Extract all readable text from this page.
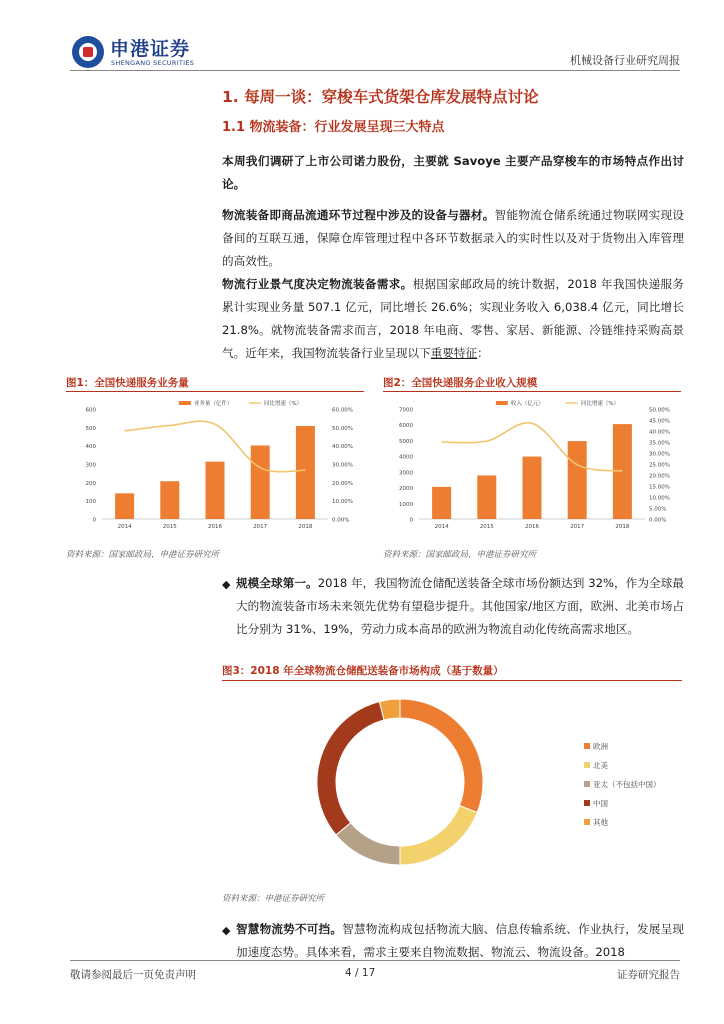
申港证券
SHENGANG SECURITIES	机械设备行业研究周报
1. 每周一谈：穿梭车式货架仓库发展特点讨论
1.1 物流装备：行业发展呈现三大特点
本周我们调研了上市公司诺力股份，主要就 Savoye 主要产品穿梭车的市场特点作出讨论。
物流装备即商品流通环节过程中涉及的设备与器材。智能物流仓储系统通过物联网实现设备间的互联互通，保障仓库管理过程中各环节数据录入的实时性以及对于货物出入库管理的高效性。
物流行业景气度决定物流装备需求。根据国家邮政局的统计数据，2018 年我国快递服务累计实现业务量 507.1 亿元，同比增长 26.6%；实现业务收入 6,038.4 亿元，同比增长 21.8%。就物流装备需求而言，2018 年电商、零售、家居、新能源、冷链维持采购高景气。近年来，我国物流装备行业呈现以下重要特征：
图1：全国快递服务业务量
0
100
200
300
400
500
600
0.00%
10.00%
20.00%
30.00%
40.00%
50.00%
60.00%
2014	2015	2016	2017	2018
业务量（亿件）	同比增速（%）
资料来源：国家邮政局，申港证券研究所
图2：全国快递服务企业收入规模
0
1000
2000
3000
4000
5000
6000
7000
0.00%
5.00%
10.00%
15.00%
20.00%
25.00%
30.00%
35.00%
40.00%
45.00%
50.00%
2014	2015	2016	2017	2018
收入（亿元）	同比增速（%）
资料来源：国家邮政局，申港证券研究所
◆ 规模全球第一。2018 年，我国物流仓储配送装备全球市场份额达到 32%，作为全球最大的物流装备市场未来领先优势有望稳步提升。其他国家/地区方面，欧洲、北美市场占比分别为 31%、19%，劳动力成本高昂的欧洲为物流自动化传统高需求地区。
图3：2018 年全球物流仓储配送装备市场构成（基于数量）
欧洲
北美
亚太（不包括中国）
中国
其他
资料来源：申港证券研究所
◆ 智慧物流势不可挡。智慧物流构成包括物流大脑、信息传输系统、作业执行，发展呈现加速度态势。具体来看，需求主要来自物流数据、物流云、物流设备。2018
敬请参阅最后一页免责声明	4 / 17	证券研究报告
